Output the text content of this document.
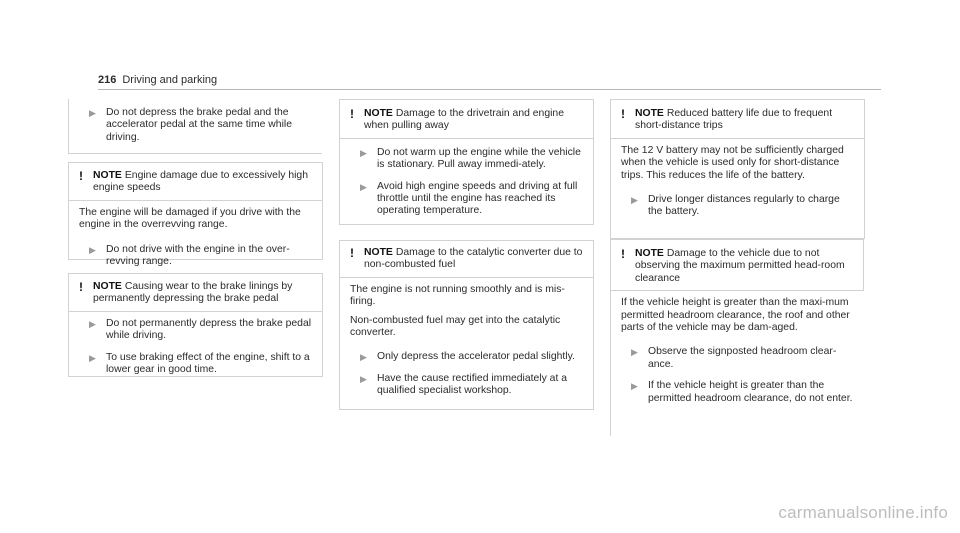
216 Driving and parking
▶ Do not depress the brake pedal and the accelerator pedal at the same time while driving.
! NOTE Engine damage due to excessively high engine speeds

The engine will be damaged if you drive with the engine in the overrevving range.

▶ Do not drive with the engine in the over‐revving range.
! NOTE Causing wear to the brake linings by permanently depressing the brake pedal
▶ Do not permanently depress the brake pedal while driving.
▶ To use braking effect of the engine, shift to a lower gear in good time.
! NOTE Damage to the drivetrain and engine when pulling away
▶ Do not warm up the engine while the vehicle is stationary. Pull away immedi‐ately.
▶ Avoid high engine speeds and driving at full throttle until the engine has reached its operating temperature.
! NOTE Damage to the catalytic converter due to non-combusted fuel

The engine is not running smoothly and is mis‐firing.

Non-combusted fuel may get into the catalytic converter.

▶ Only depress the accelerator pedal slightly.
▶ Have the cause rectified immediately at a qualified specialist workshop.
! NOTE Reduced battery life due to frequent short-distance trips

The 12 V battery may not be sufficiently charged when the vehicle is used only for short-distance trips. This reduces the life of the battery.

▶ Drive longer distances regularly to charge the battery.
! NOTE Damage to the vehicle due to not observing the maximum permitted head‐room clearance

If the vehicle height is greater than the maxi‐mum permitted headroom clearance, the roof and other parts of the vehicle may be dam‐aged.

▶ Observe the signposted headroom clear‐ance.
▶ If the vehicle height is greater than the permitted headroom clearance, do not enter.
carmanualsonline.info
